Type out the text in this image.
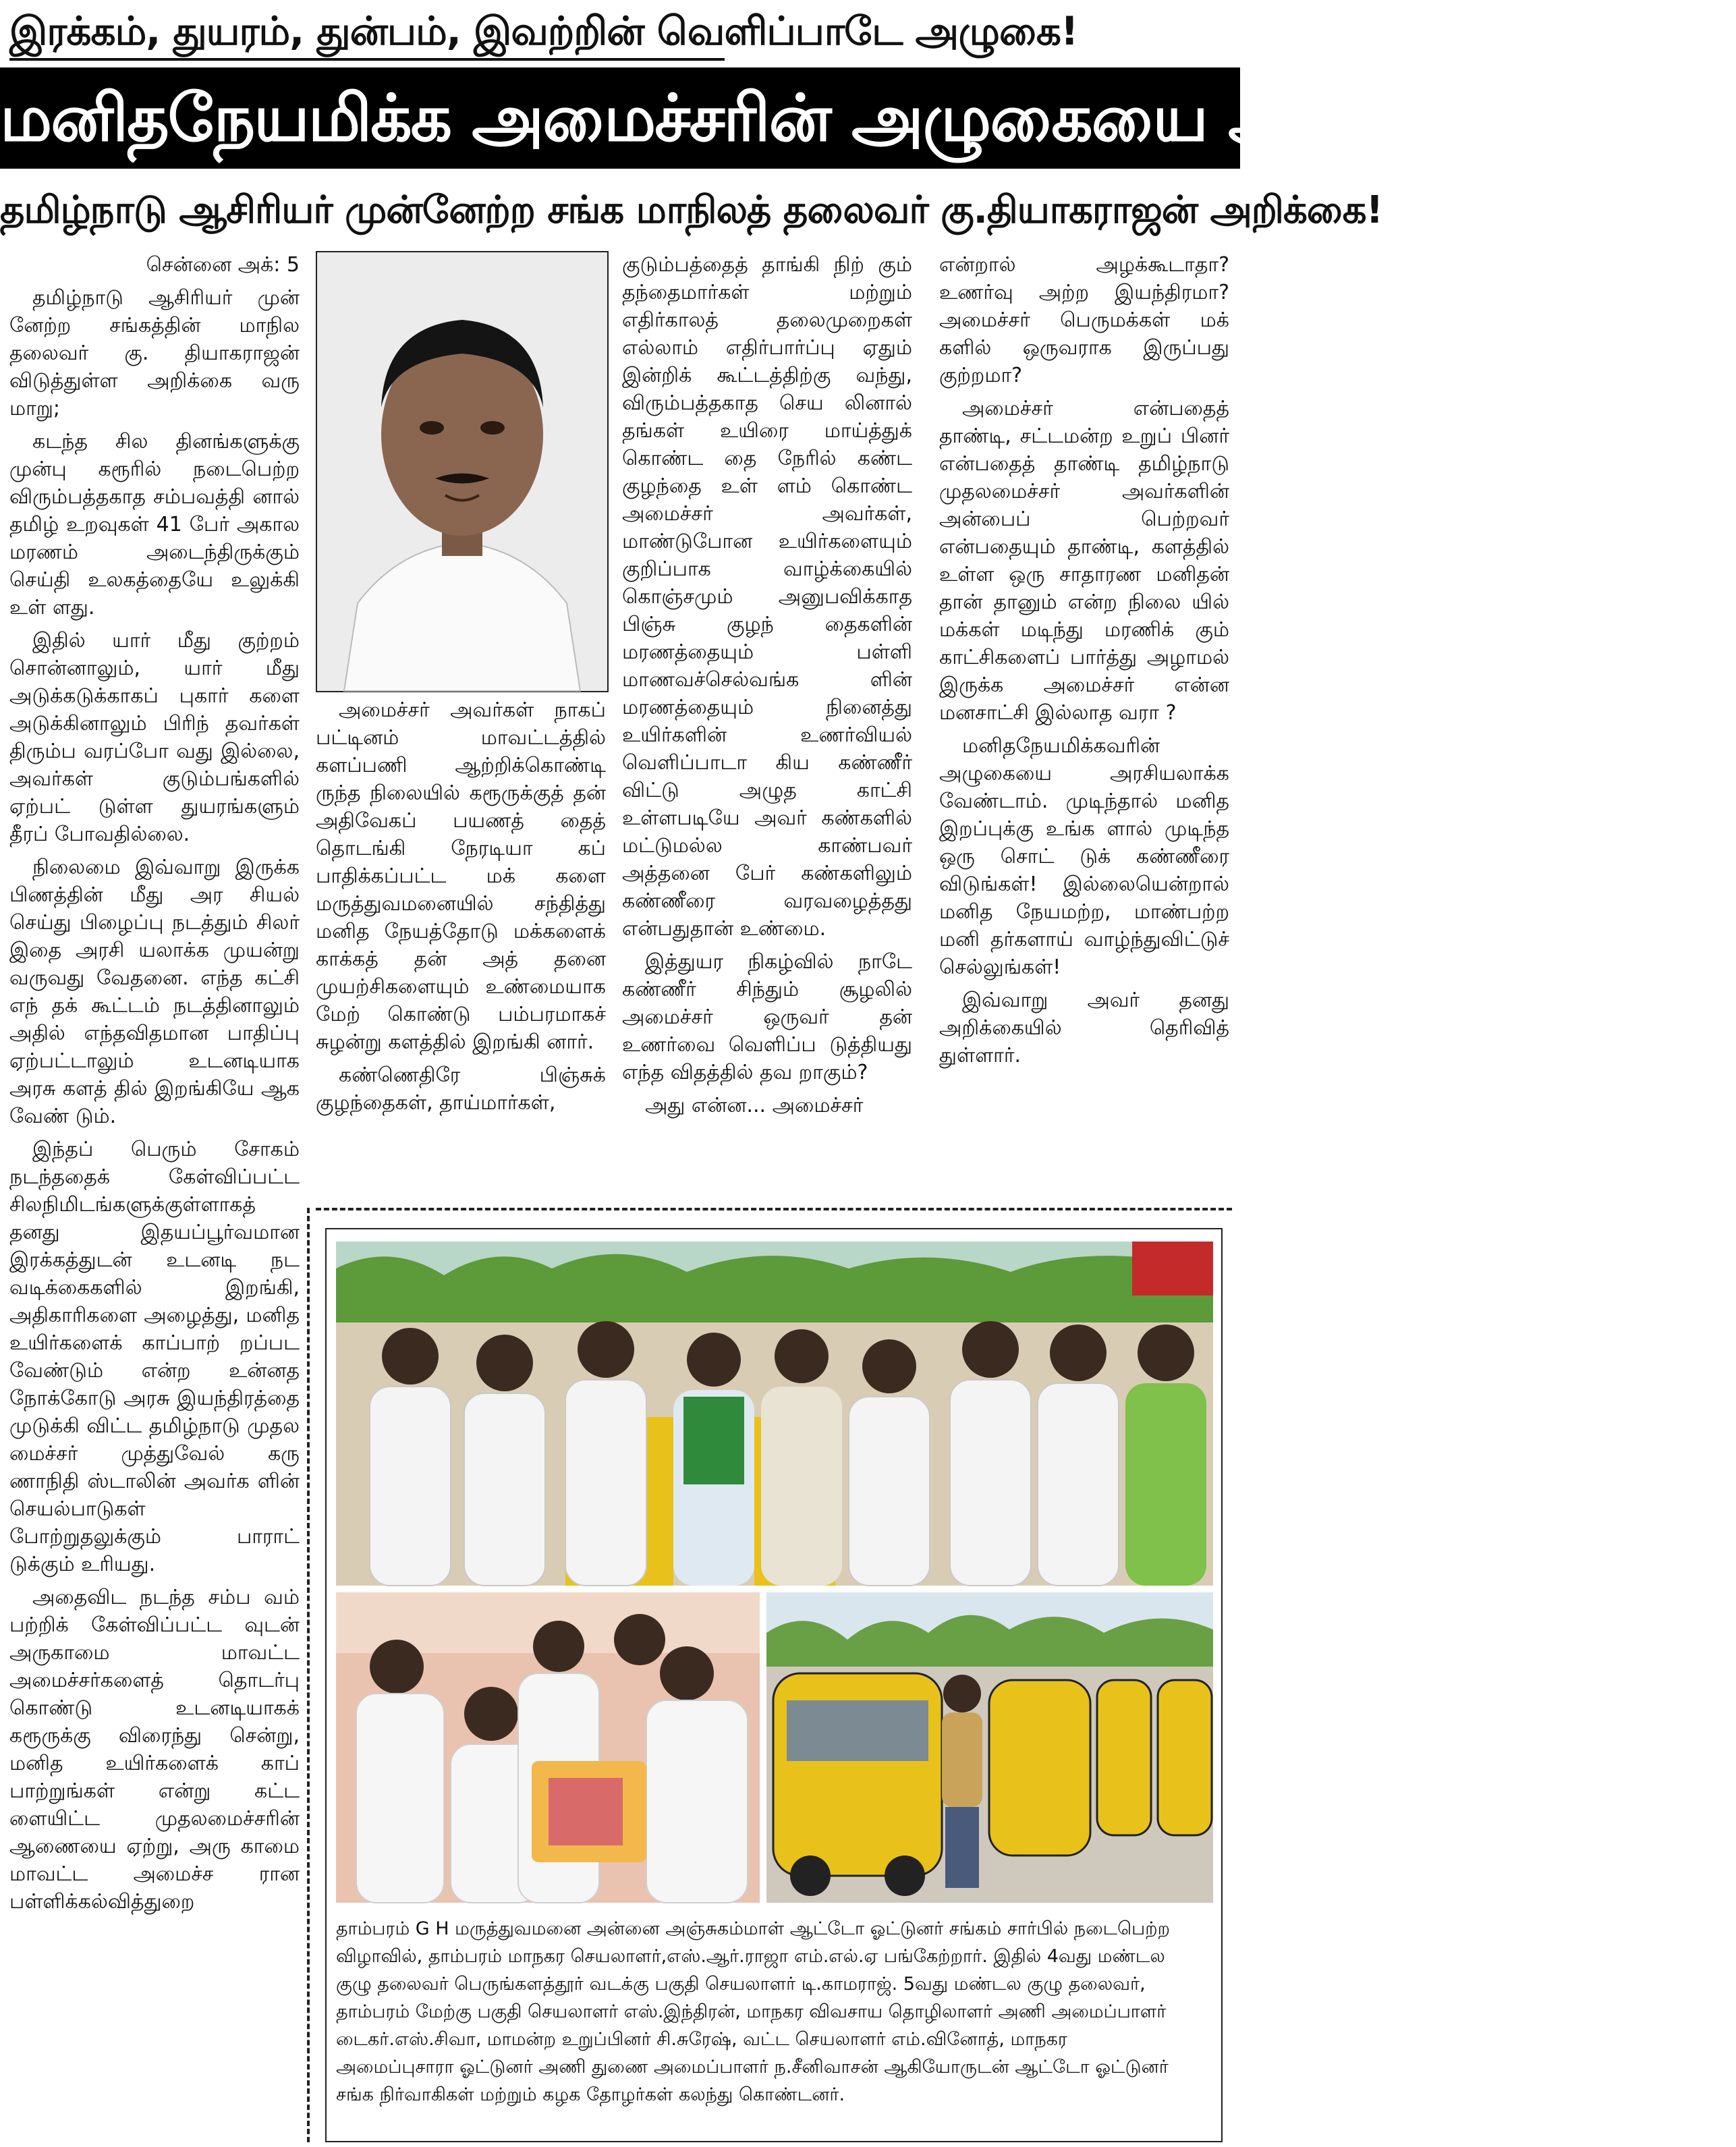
இரக்கம், துயரம், துன்பம், இவற்றின் வெளிப்பாடே அழுகை!
மனிதநேயமிக்க அமைச்சரின் அழுகையை அரசியலாக்காதீர்!
தமிழ்நாடு ஆசிரியர் முன்னேற்ற சங்க மாநிலத் தலைவர் கு.தியாகராஜன் அறிக்கை!

சென்னை அக்: 5

தமிழ்நாடு ஆசிரியர் முன் னேற்ற சங்கத்தின் மாநில தலைவர் கு. தியாகராஜன் விடுத்துள்ள அறிக்கை வரு மாறு;

கடந்த சில தினங்களுக்கு முன்பு கரூரில் நடைபெற்ற விரும்பத்தகாத சம்பவத்தி னால் தமிழ் உறவுகள் 41 பேர் அகால மரணம் அடைந்திருக்கும் செய்தி உலகத்தையே உலுக்கி உள் ளது.

இதில் யார் மீது குற்றம் சொன்னாலும், யார் மீது அடுக்கடுக்காகப் புகார் களை அடுக்கினாலும் பிரிந் தவர்கள் திரும்ப வரப்போ வது இல்லை, அவர்கள் குடும்பங்களில் ஏற்பட் டுள்ள துயரங்களும் தீரப் போவதில்லை.

நிலைமை இவ்வாறு இருக்க பிணத்தின் மீது அர சியல் செய்து பிழைப்பு நடத்தும் சிலர் இதை அரசி யலாக்க முயன்று வருவது வேதனை. எந்த கட்சி எந் தக் கூட்டம் நடத்தினாலும் அதில் எந்தவிதமான பாதிப்பு ஏற்பட்டாலும் உடனடியாக அரசு களத் தில் இறங்கியே ஆக வேண் டும்.

இந்தப் பெரும் சோகம் நடந்ததைக் கேள்விப்பட்ட சிலநிமிடங்களுக்குள்ளாகத் தனது இதயப்பூர்வமான இரக்கத்துடன் உடனடி நட வடிக்கைகளில் இறங்கி, அதிகாரிகளை அழைத்து, மனித உயிர்களைக் காப்பாற் றப்பட வேண்டும் என்ற உன்னத நோக்கோடு அரசு இயந்திரத்தை முடுக்கி விட்ட தமிழ்நாடு முதல மைச்சர் முத்துவேல் கரு ணாநிதி ஸ்டாலின் அவர்க ளின் செயல்பாடுகள் போற்றுதலுக்கும் பாராட் டுக்கும் உரியது.

அதைவிட நடந்த சம்ப வம் பற்றிக் கேள்விப்பட்ட வுடன் அருகாமை மாவட்ட அமைச்சர்களைத் தொடர்பு கொண்டு உடனடியாகக் கரூருக்கு விரைந்து சென்று, மனித உயிர்களைக் காப் பாற்றுங்கள் என்று கட்ட ளையிட்ட முதலமைச்சரின் ஆணையை ஏற்று, அரு காமை மாவட்ட அமைச்ச ரான பள்ளிக்கல்வித்துறை

அமைச்சர் அவர்கள் நாகப் பட்டினம் மாவட்டத்தில் களப்பணி ஆற்றிக்கொண்டி ருந்த நிலையில் கரூருக்குத் தன் அதிவேகப் பயணத் தைத் தொடங்கி நேரடியா கப் பாதிக்கப்பட்ட மக் களை மருத்துவமனையில் சந்தித்து மனித நேயத்தோடு மக்களைக் காக்கத் தன் அத் தனை முயற்சிகளையும் உண்மையாக மேற் கொண்டு பம்பரமாகச் சுழன்று களத்தில் இறங்கி னார்.

கண்ணெதிரே பிஞ்சுக் குழந்தைகள், தாய்மார்கள்,

குடும்பத்தைத் தாங்கி நிற் கும் தந்தைமார்கள் மற்றும் எதிர்காலத் தலைமுறைகள் எல்லாம் எதிர்பார்ப்பு ஏதும் இன்றிக் கூட்டத்திற்கு வந்து, விரும்பத்தகாத செய லினால் தங்கள் உயிரை மாய்த்துக் கொண்ட தை நேரில் கண்ட குழந்தை உள் ளம் கொண்ட அமைச்சர் அவர்கள், மாண்டுபோன உயிர்களையும் குறிப்பாக வாழ்க்கையில் கொஞ்சமும் அனுபவிக்காத பிஞ்சு குழந் தைகளின் மரணத்தையும் பள்ளி மாணவச்செல்வங்க ளின் மரணத்தையும் நினைத்து உயிர்களின் உணர்வியல் வெளிப்பாடா கிய கண்ணீர் விட்டு அழுத காட்சி உள்ளபடியே அவர் கண்களில் மட்டுமல்ல காண்பவர் அத்தனை பேர் கண்களிலும் கண்ணீரை வரவழைத்தது என்பதுதான் உண்மை.

இத்துயர நிகழ்வில் நாடே கண்ணீர் சிந்தும் சூழலில் அமைச்சர் ஒருவர் தன் உணர்வை வெளிப்ப டுத்தியது எந்த விதத்தில் தவ றாகும்?

அது என்ன... அமைச்சர்

என்றால் அழக்கூடாதா? உணர்வு அற்ற இயந்திரமா? அமைச்சர் பெருமக்கள் மக் களில் ஒருவராக இருப்பது குற்றமா?

அமைச்சர் என்பதைத் தாண்டி, சட்டமன்ற உறுப் பினர் என்பதைத் தாண்டி தமிழ்நாடு முதலமைச்சர் அவர்களின் அன்பைப் பெற்றவர் என்பதையும் தாண்டி, களத்தில் உள்ள ஒரு சாதாரண மனிதன் தான் தானும் என்ற நிலை யில் மக்கள் மடிந்து மரணிக் கும் காட்சிகளைப் பார்த்து அழாமல் இருக்க அமைச்சர் என்ன மனசாட்சி இல்லாத வரா ?

மனிதநேயமிக்கவரின் அழுகையை அரசியலாக்க வேண்டாம். முடிந்தால் மனித இறப்புக்கு உங்க ளால் முடிந்த ஒரு சொட் டுக் கண்ணீரை விடுங்கள்! இல்லையென்றால் மனித நேயமற்ற, மாண்பற்ற மனி தர்களாய் வாழ்ந்துவிட்டுச் செல்லுங்கள்!

இவ்வாறு அவர் தனது அறிக்கையில் தெரிவித் துள்ளார்.

தாம்பரம் G H மருத்துவமனை அன்னை அஞ்சுகம்மாள் ஆட்டோ ஓட்டுனர் சங்கம் சார்பில் நடைபெற்ற
விழாவில், தாம்பரம் மாநகர செயலாளர்,எஸ்.ஆர்.ராஜா எம்.எல்.ஏ பங்கேற்றார். இதில் 4வது மண்டல
குழு தலைவர் பெருங்களத்தூர் வடக்கு பகுதி செயலாளர் டி.காமராஜ். 5வது மண்டல குழு தலைவர்,
தாம்பரம் மேற்கு பகுதி செயலாளர் எஸ்.இந்திரன், மாநகர விவசாய தொழிலாளர் அணி அமைப்பாளர்
டைகர்.எஸ்.சிவா, மாமன்ற உறுப்பினர் சி.சுரேஷ், வட்ட செயலாளர் எம்.வினோத், மாநகர
அமைப்புசாரா ஓட்டுனர் அணி துணை அமைப்பாளர் ந.சீனிவாசன் ஆகியோருடன் ஆட்டோ ஓட்டுனர்
சங்க நிர்வாகிகள் மற்றும் கழக தோழர்கள் கலந்து கொண்டனர்.
